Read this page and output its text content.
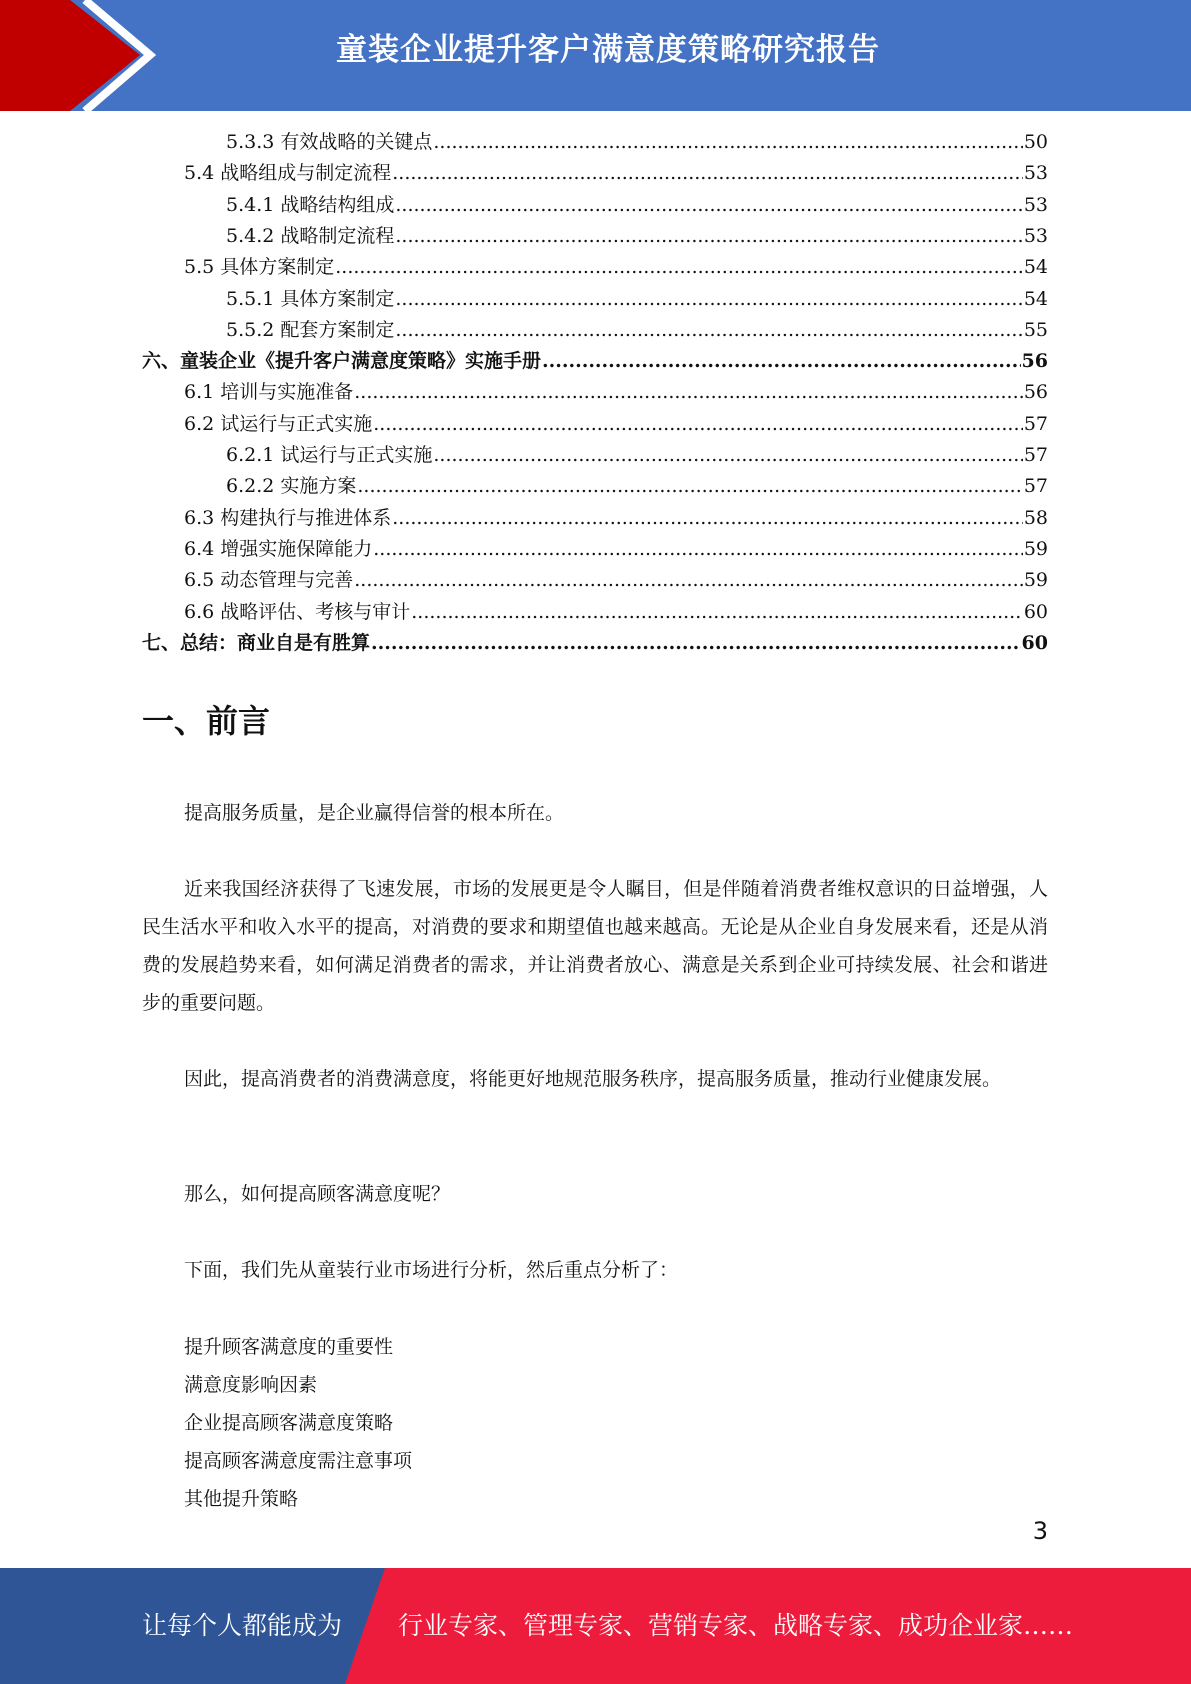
童装企业提升客户满意度策略研究报告
5.3.3 有效战略的关键点 .....	50
5.4 战略组成与制定流程 .....	53
5.4.1 战略结构组成 .....	53
5.4.2 战略制定流程 .....	53
5.5 具体方案制定 .....	54
5.5.1 具体方案制定 .....	54
5.5.2 配套方案制定 .....	55
六、童装企业《提升客户满意度策略》实施手册 .....	56
6.1 培训与实施准备 .....	56
6.2 试运行与正式实施 .....	57
6.2.1 试运行与正式实施 .....	57
6.2.2 实施方案 .....	57
6.3 构建执行与推进体系 .....	58
6.4 增强实施保障能力 .....	59
6.5 动态管理与完善 .....	59
6.6 战略评估、考核与审计 .....	60
七、总结：商业自是有胜算 .....	60
一、前言
提高服务质量，是企业赢得信誉的根本所在。
近来我国经济获得了飞速发展，市场的发展更是令人瞩目，但是伴随着消费者维权意识的日益增强，人民生活水平和收入水平的提高，对消费的要求和期望值也越来越高。无论是从企业自身发展来看，还是从消费的发展趋势来看，如何满足消费者的需求，并让消费者放心、满意是关系到企业可持续发展、社会和谐进步的重要问题。
因此，提高消费者的消费满意度，将能更好地规范服务秩序，提高服务质量，推动行业健康发展。
那么，如何提高顾客满意度呢？
下面，我们先从童装行业市场进行分析，然后重点分析了：
提升顾客满意度的重要性
满意度影响因素
企业提高顾客满意度策略
提高顾客满意度需注意事项
其他提升策略
3
让每个人都能成为 行业专家、管理专家、营销专家、战略专家、成功企业家……
